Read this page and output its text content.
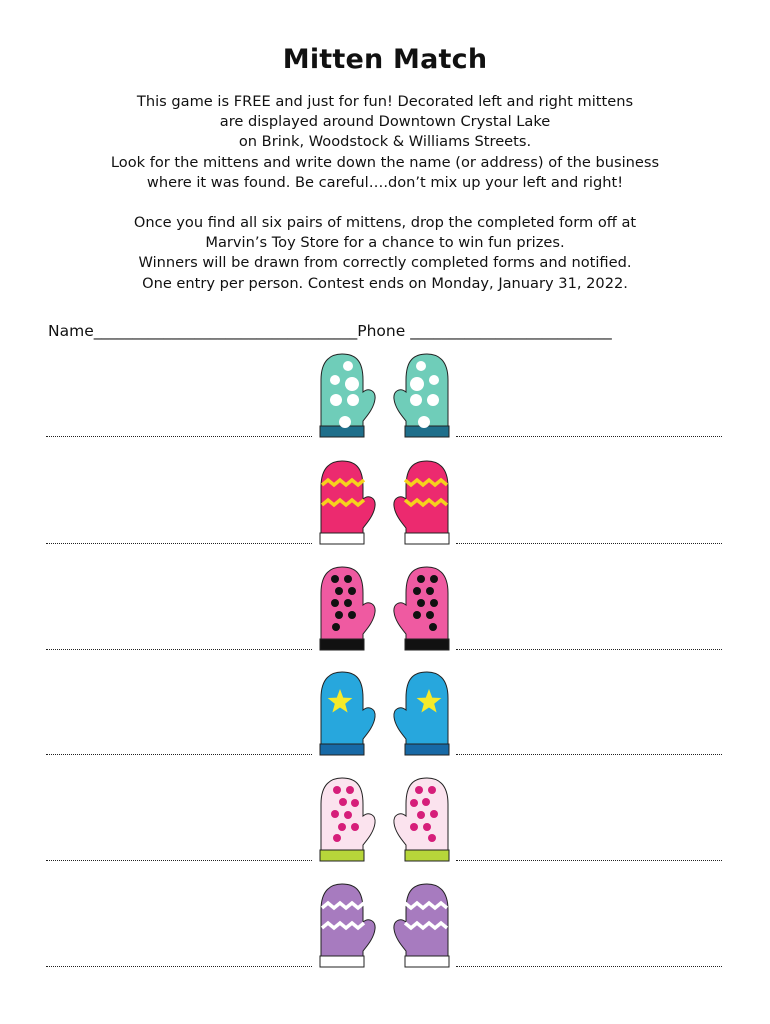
Mitten Match
This game is FREE and just for fun! Decorated left and right mittens
are displayed around Downtown Crystal Lake
on Brink, Woodstock & Williams Streets.
Look for the mittens and write down the name (or address) of the business
where it was found. Be careful….don’t mix up your left and right!
Once you find all six pairs of mittens, drop the completed form off at
Marvin’s Toy Store for a chance to win fun prizes.
Winners will be drawn from correctly completed forms and notified.
One entry per person. Contest ends on Monday, January 31, 2022.
Name__________________________________Phone __________________________
